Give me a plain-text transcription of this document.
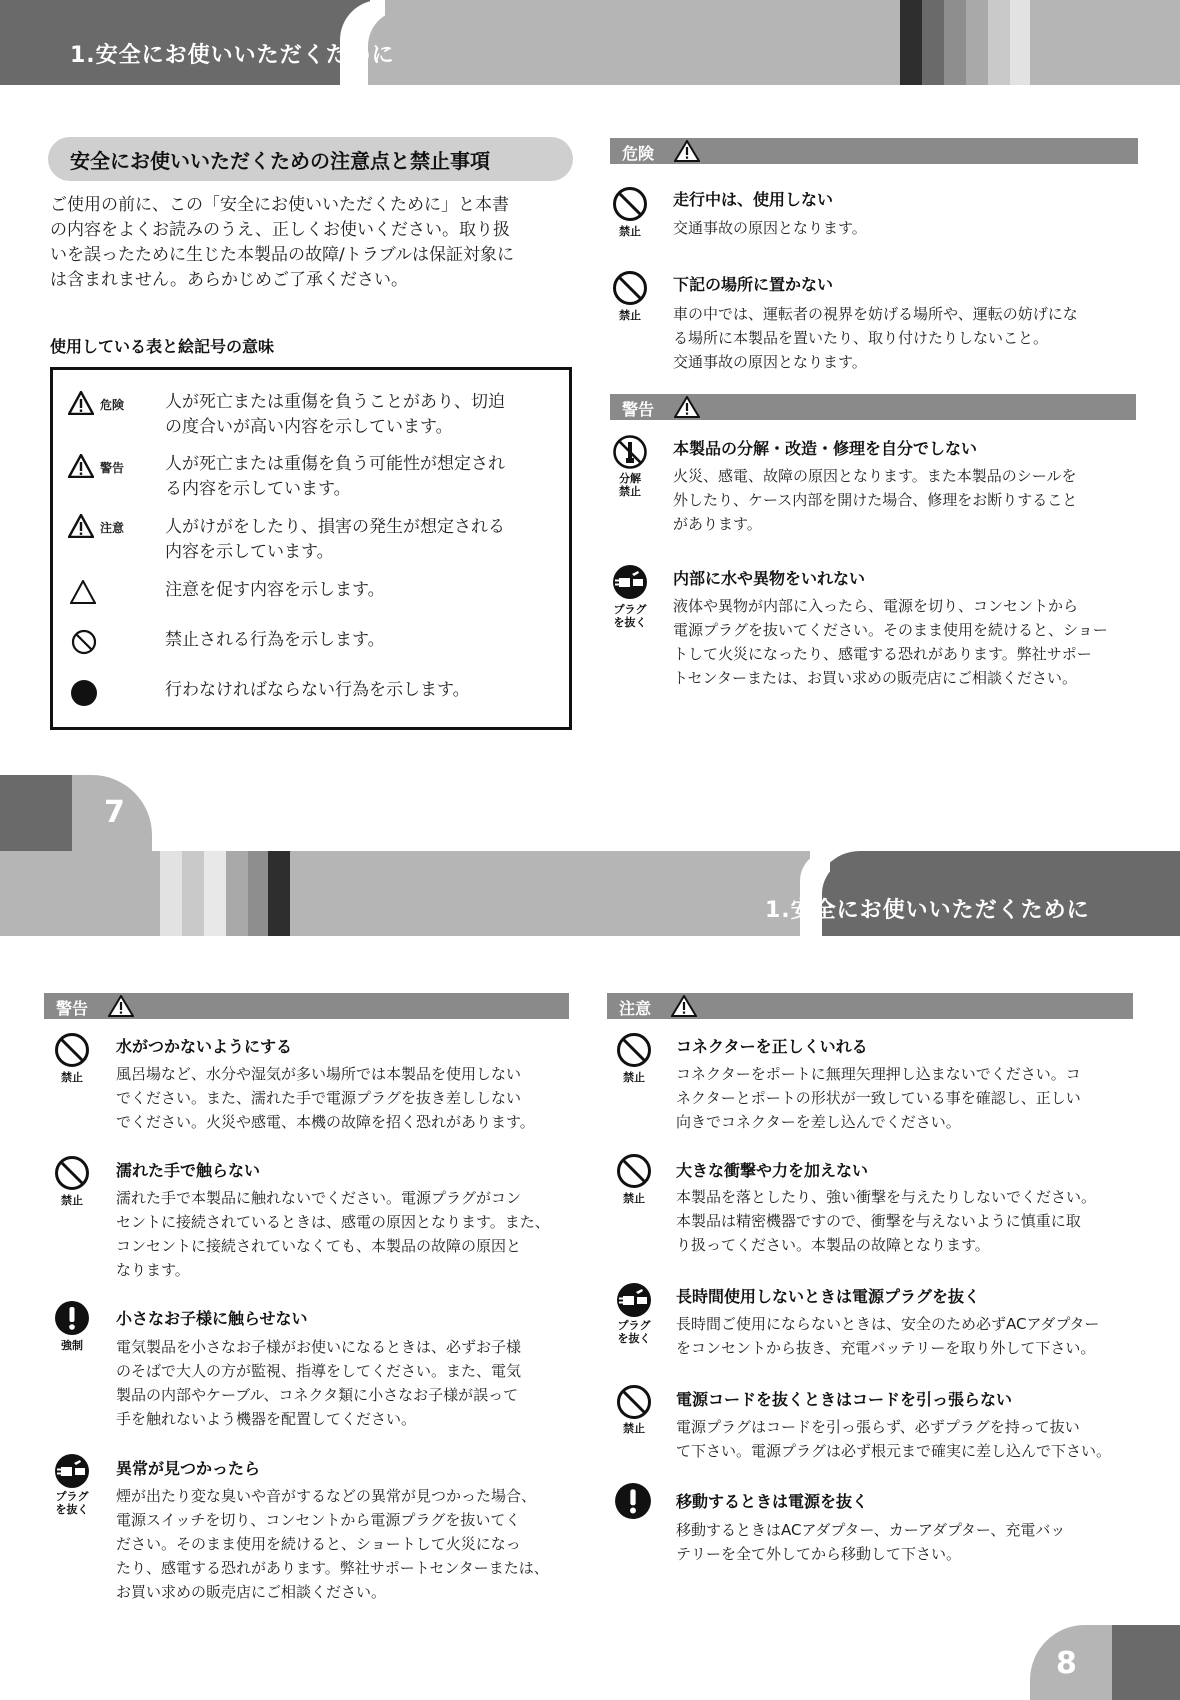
1.安全にお使いいただくために
安全にお使いいただくための注意点と禁止事項
ご使用の前に、この「安全にお使いいただくために」と本書
の内容をよくお読みのうえ、正しくお使いください。取り扱
いを誤ったために生じた本製品の故障/トラブルは保証対象に
は含まれません。あらかじめご了承ください。
使用している表と絵記号の意味
危険 人が死亡または重傷を負うことがあり、切迫
の度合いが高い内容を示しています。
警告 人が死亡または重傷を負う可能性が想定され
る内容を示しています。
注意 人がけがをしたり、損害の発生が想定される
内容を示しています。
注意を促す内容を示します。
禁止される行為を示します。
行わなければならない行為を示します。
危険
禁止
走行中は、使用しない
交通事故の原因となります。
禁止
下記の場所に置かない
車の中では、運転者の視界を妨げる場所や、運転の妨げにな
る場所に本製品を置いたり、取り付けたりしないこと。
交通事故の原因となります。
警告
分解
禁止
本製品の分解・改造・修理を自分でしない
火災、感電、故障の原因となります。また本製品のシールを
外したり、ケース内部を開けた場合、修理をお断りすること
があります。
プラグ
を抜く
内部に水や異物をいれない
液体や異物が内部に入ったら、電源を切り、コンセントから
電源プラグを抜いてください。そのまま使用を続けると、ショー
トして火災になったり、感電する恐れがあります。弊社サポー
トセンターまたは、お買い求めの販売店にご相談ください。
7
1.安全にお使いいただくために
警告
禁止
水がつかないようにする
風呂場など、水分や湿気が多い場所では本製品を使用しない
でください。また、濡れた手で電源プラグを抜き差ししない
でください。火災や感電、本機の故障を招く恐れがあります。
禁止
濡れた手で触らない
濡れた手で本製品に触れないでください。電源プラグがコン
セントに接続されているときは、感電の原因となります。また、
コンセントに接続されていなくても、本製品の故障の原因と
なります。
強制
小さなお子様に触らせない
電気製品を小さなお子様がお使いになるときは、必ずお子様
のそばで大人の方が監視、指導をしてください。また、電気
製品の内部やケーブル、コネクタ類に小さなお子様が誤って
手を触れないよう機器を配置してください。
プラグ
を抜く
異常が見つかったら
煙が出たり変な臭いや音がするなどの異常が見つかった場合、
電源スイッチを切り、コンセントから電源プラグを抜いてく
ださい。そのまま使用を続けると、ショートして火災になっ
たり、感電する恐れがあります。弊社サポートセンターまたは、
お買い求めの販売店にご相談ください。
注意
禁止
コネクターを正しくいれる
コネクターをポートに無理矢理押し込まないでください。コ
ネクターとポートの形状が一致している事を確認し、正しい
向きでコネクターを差し込んでください。
禁止
大きな衝撃や力を加えない
本製品を落としたり、強い衝撃を与えたりしないでください。
本製品は精密機器ですので、衝撃を与えないように慎重に取
り扱ってください。本製品の故障となります。
プラグ
を抜く
長時間使用しないときは電源プラグを抜く
長時間ご使用にならないときは、安全のため必ずACアダプター
をコンセントから抜き、充電バッテリーを取り外して下さい。
禁止
電源コードを抜くときはコードを引っ張らない
電源プラグはコードを引っ張らず、必ずプラグを持って抜い
て下さい。電源プラグは必ず根元まで確実に差し込んで下さい。
移動するときは電源を抜く
移動するときはACアダプター、カーアダプター、充電バッ
テリーを全て外してから移動して下さい。
8
